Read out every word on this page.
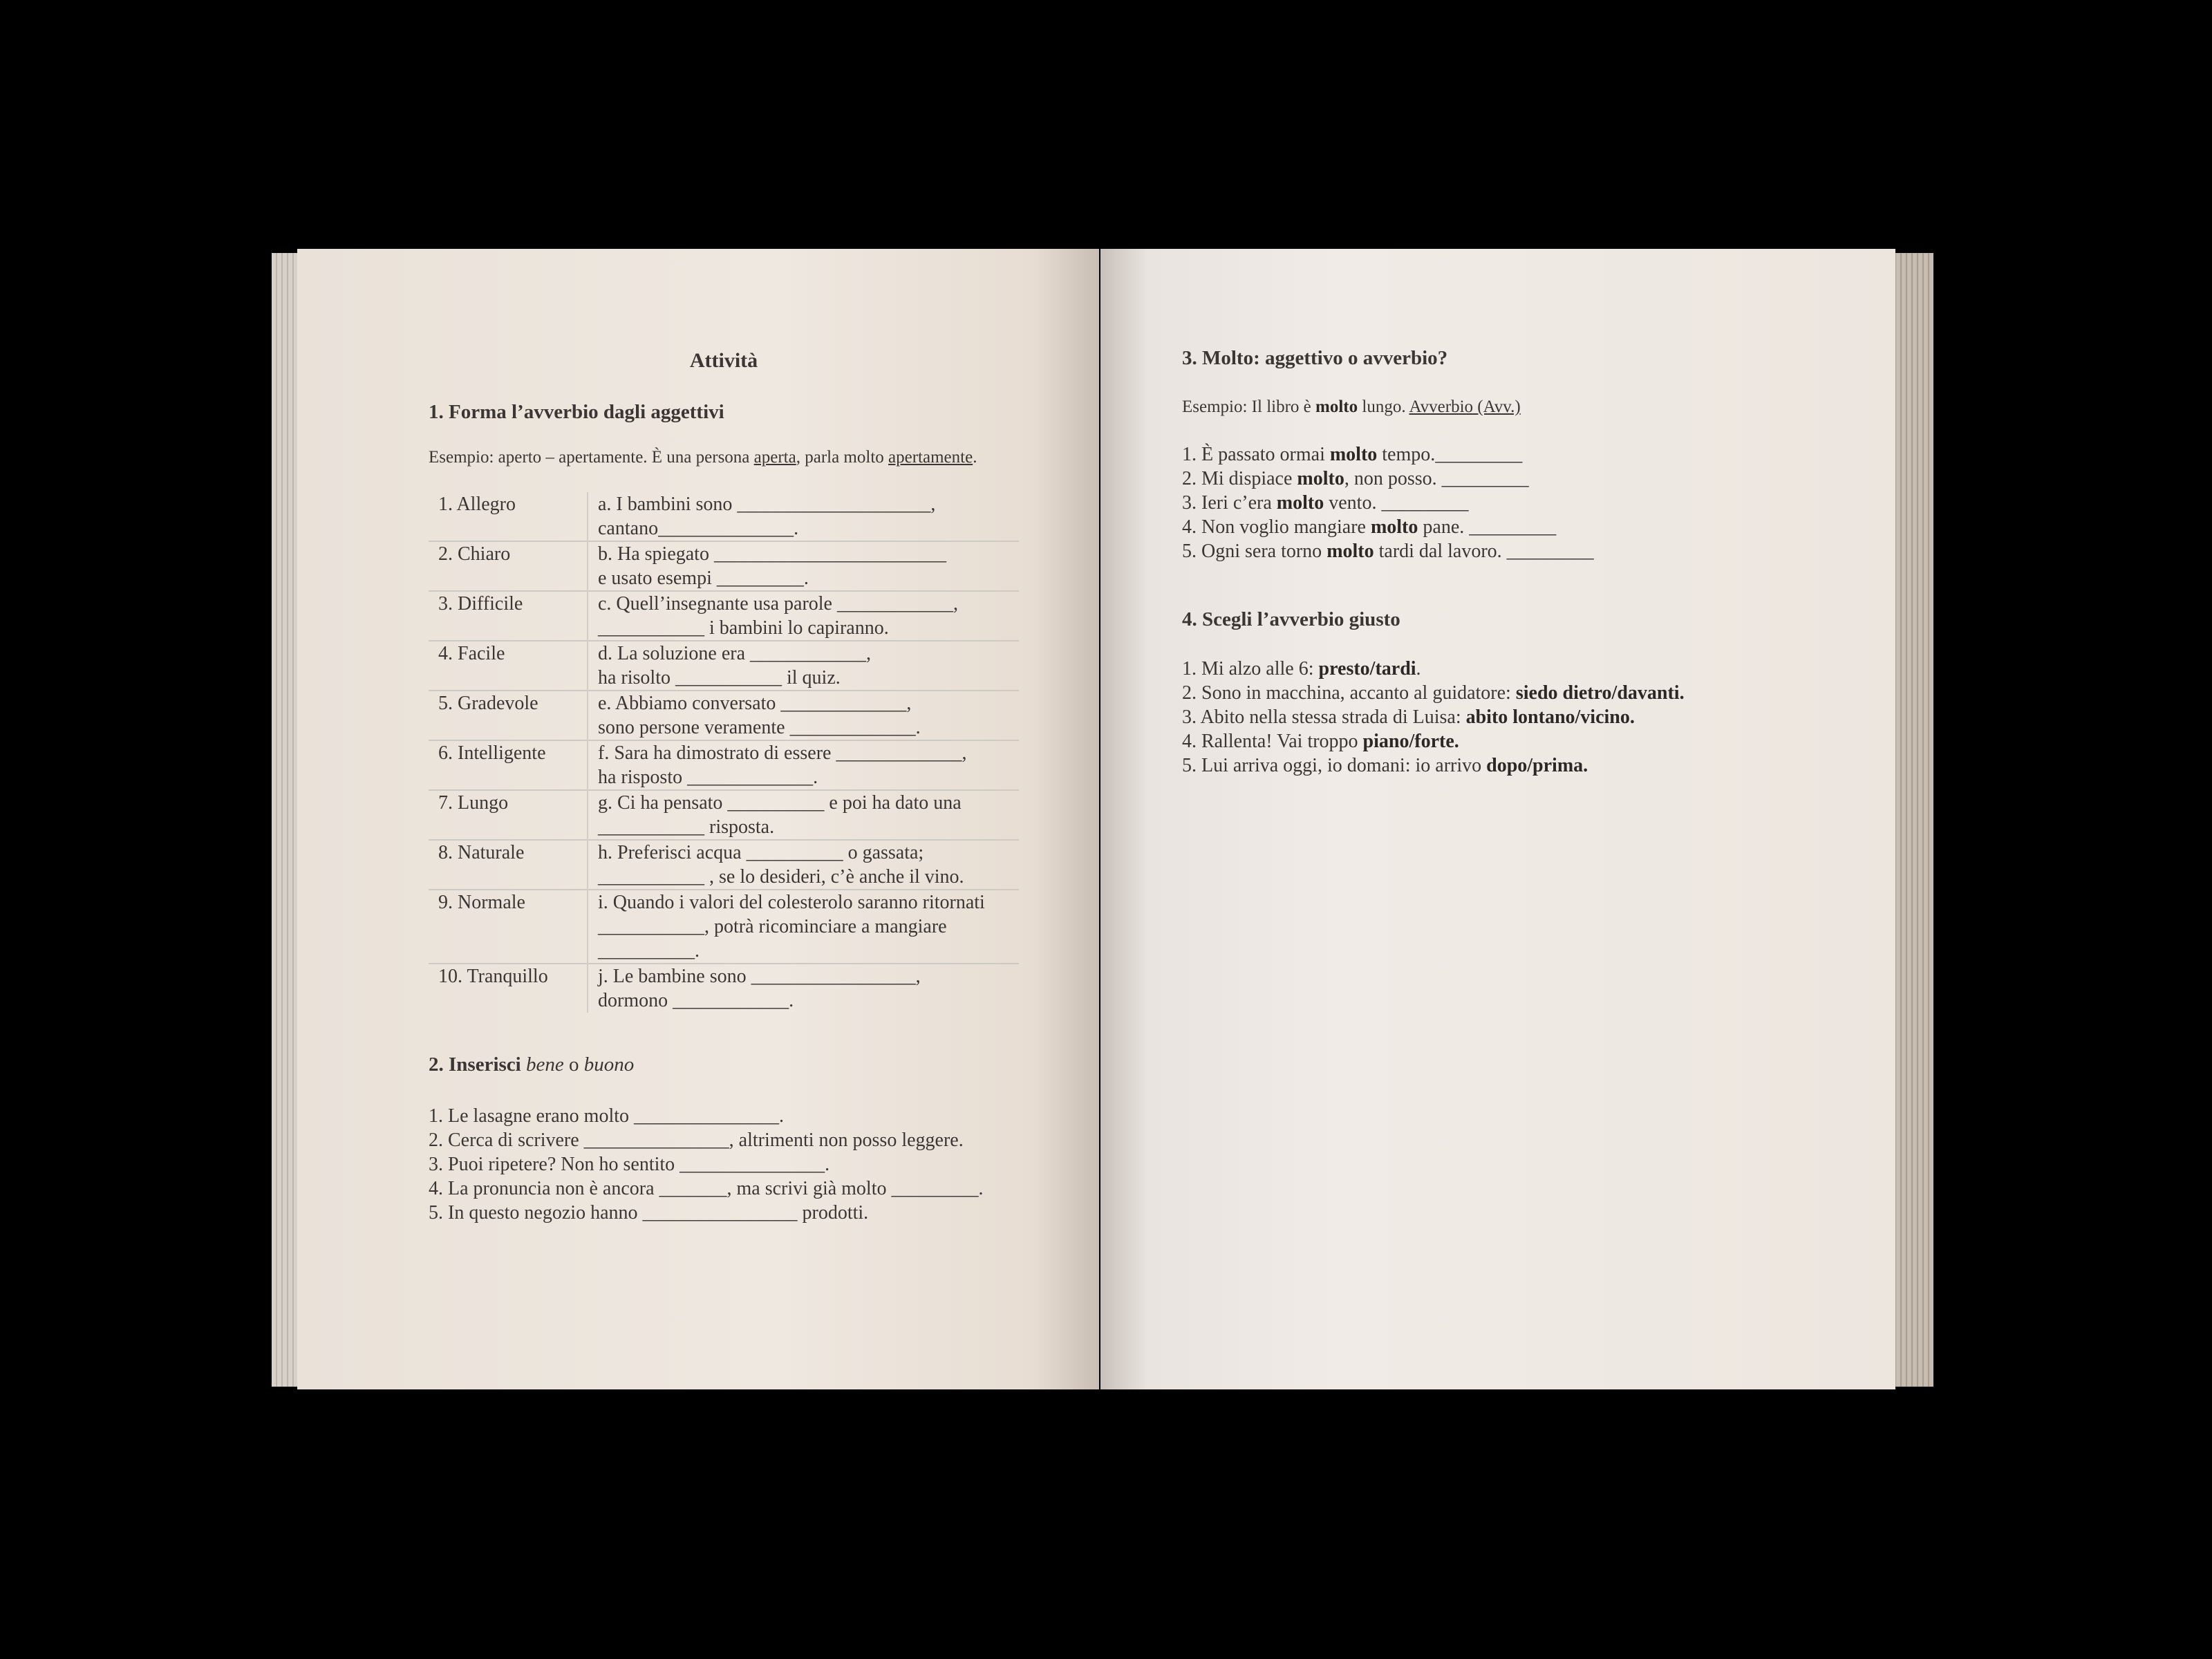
Attività
1. Forma l’avverbio dagli aggettivi
Esempio: aperto – apertamente. È una persona aperta, parla molto apertamente.
1. Allegro	a. I bambini sono ____________________,
cantano______________.

2. Chiaro	b. Ha spiegato ________________________
e usato esempi _________.

3. Difficile	c. Quell’insegnante usa parole ____________,
___________ i bambini lo capiranno.

4. Facile	d. La soluzione era ____________,
ha risolto ___________ il quiz.

5. Gradevole	e. Abbiamo conversato _____________,
sono persone veramente _____________.

6. Intelligente	f. Sara ha dimostrato di essere _____________,
ha risposto _____________.

7. Lungo	g. Ci ha pensato __________ e poi ha dato una
___________ risposta.

8. Naturale	h. Preferisci acqua __________ o gassata;
___________ , se lo desideri, c’è anche il vino.

9. Normale	i. Quando i valori del colesterolo saranno ritornati
___________, potrà ricominciare a mangiare
__________.

10. Tranquillo	j. Le bambine sono _________________,
dormono ____________.
2. Inserisci bene o buono
1. Le lasagne erano molto _______________.
2. Cerca di scrivere _______________, altrimenti non posso leggere.
3. Puoi ripetere? Non ho sentito _______________.
4. La pronuncia non è ancora _______, ma scrivi già molto _________.
5. In questo negozio hanno ________________ prodotti.
3. Molto: aggettivo o avverbio?
Esempio: Il libro è molto lungo. Avverbio (Avv.)
1. È passato ormai molto tempo._________
2. Mi dispiace molto, non posso. _________
3. Ieri c’era molto vento. _________
4. Non voglio mangiare molto pane. _________
5. Ogni sera torno molto tardi dal lavoro. _________
4. Scegli l’avverbio giusto
1. Mi alzo alle 6: presto/tardi.
2. Sono in macchina, accanto al guidatore: siedo dietro/davanti.
3. Abito nella stessa strada di Luisa: abito lontano/vicino.
4. Rallenta! Vai troppo piano/forte.
5. Lui arriva oggi, io domani: io arrivo dopo/prima.
